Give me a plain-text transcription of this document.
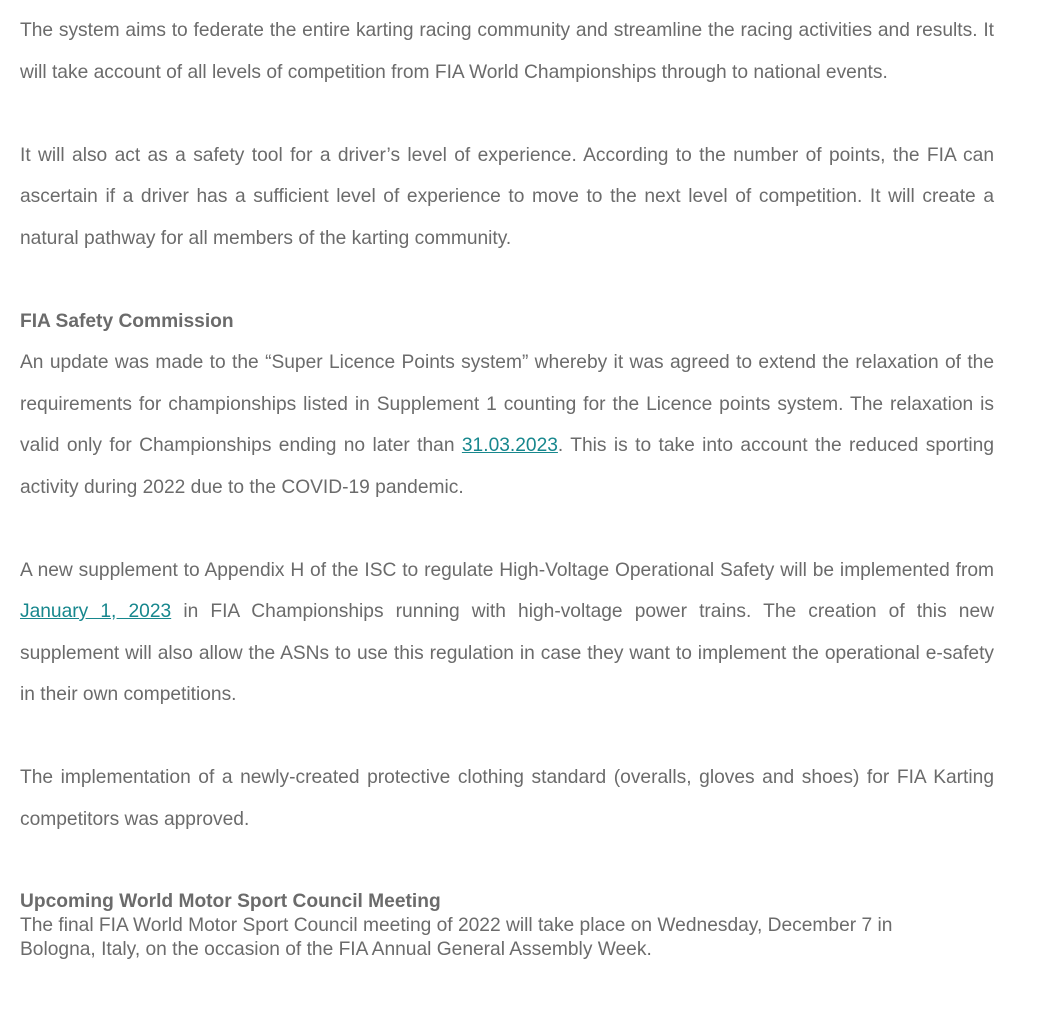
The system aims to federate the entire karting racing community and streamline the racing activities and results. It will take account of all levels of competition from FIA World Championships through to national events.

It will also act as a safety tool for a driver’s level of experience. According to the number of points, the FIA can ascertain if a driver has a sufficient level of experience to move to the next level of competition. It will create a natural pathway for all members of the karting community.

FIA Safety Commission

An update was made to the “Super Licence Points system” whereby it was agreed to extend the relaxation of the requirements for championships listed in Supplement 1 counting for the Licence points system. The relaxation is valid only for Championships ending no later than 31.03.2023. This is to take into account the reduced sporting activity during 2022 due to the COVID-19 pandemic.

A new supplement to Appendix H of the ISC to regulate High-Voltage Operational Safety will be implemented from January 1, 2023 in FIA Championships running with high-voltage power trains. The creation of this new supplement will also allow the ASNs to use this regulation in case they want to implement the operational e-safety in their own competitions.

The implementation of a newly-created protective clothing standard (overalls, gloves and shoes) for FIA Karting competitors was approved.

Upcoming World Motor Sport Council Meeting

The final FIA World Motor Sport Council meeting of 2022 will take place on Wednesday, December 7 in Bologna, Italy, on the occasion of the FIA Annual General Assembly Week.
